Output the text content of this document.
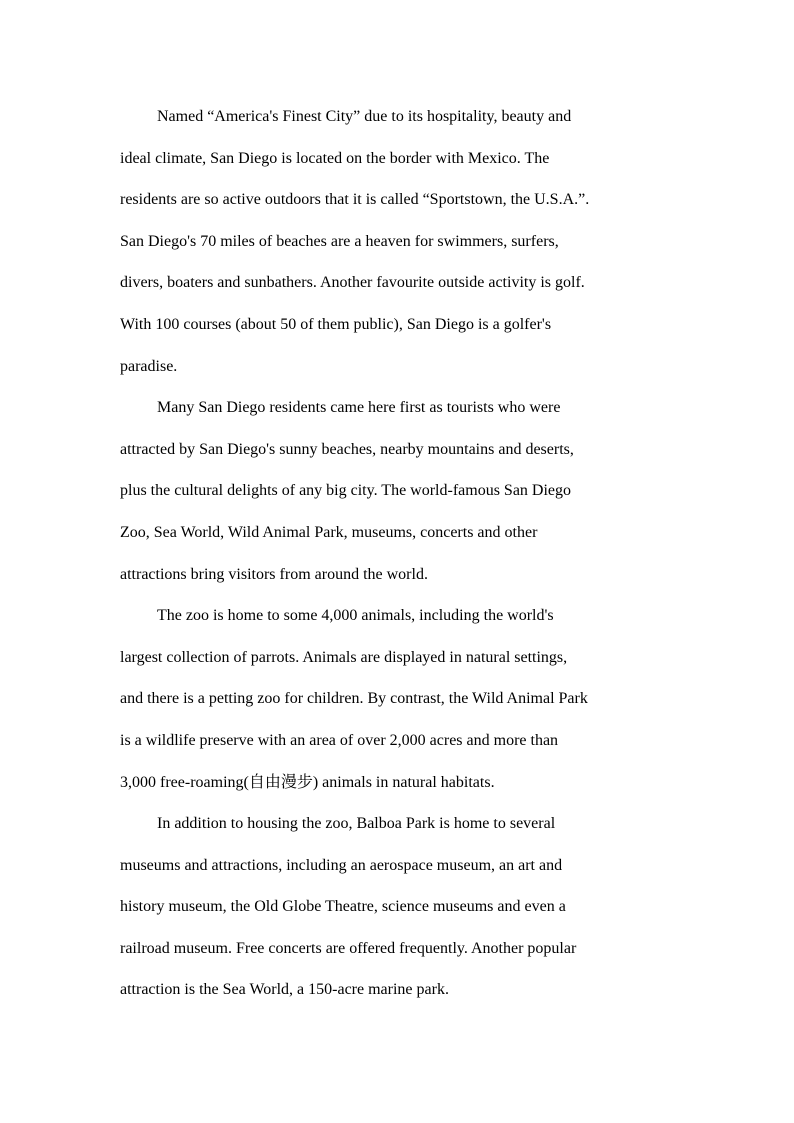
Named “America's Finest City” due to its hospitality, beauty and
ideal climate, San Diego is located on the border with Mexico. The
residents are so active outdoors that it is called “Sportstown, the U.S.A.”.
San Diego's 70 miles of beaches are a heaven for swimmers, surfers,
divers, boaters and sunbathers. Another favourite outside activity is golf.
With 100 courses (about 50 of them public), San Diego is a golfer's
paradise.
Many San Diego residents came here first as tourists who were
attracted by San Diego's sunny beaches, nearby mountains and deserts,
plus the cultural delights of any big city. The world-famous San Diego
Zoo, Sea World, Wild Animal Park, museums, concerts and other
attractions bring visitors from around the world.
The zoo is home to some 4,000 animals, including the world's
largest collection of parrots. Animals are displayed in natural settings,
and there is a petting zoo for children. By contrast, the Wild Animal Park
is a wildlife preserve with an area of over 2,000 acres and more than
3,000 free-roaming(自由漫步) animals in natural habitats.
In addition to housing the zoo, Balboa Park is home to several
museums and attractions, including an aerospace museum, an art and
history museum, the Old Globe Theatre, science museums and even a
railroad museum. Free concerts are offered frequently. Another popular
attraction is the Sea World, a 150-acre marine park.
